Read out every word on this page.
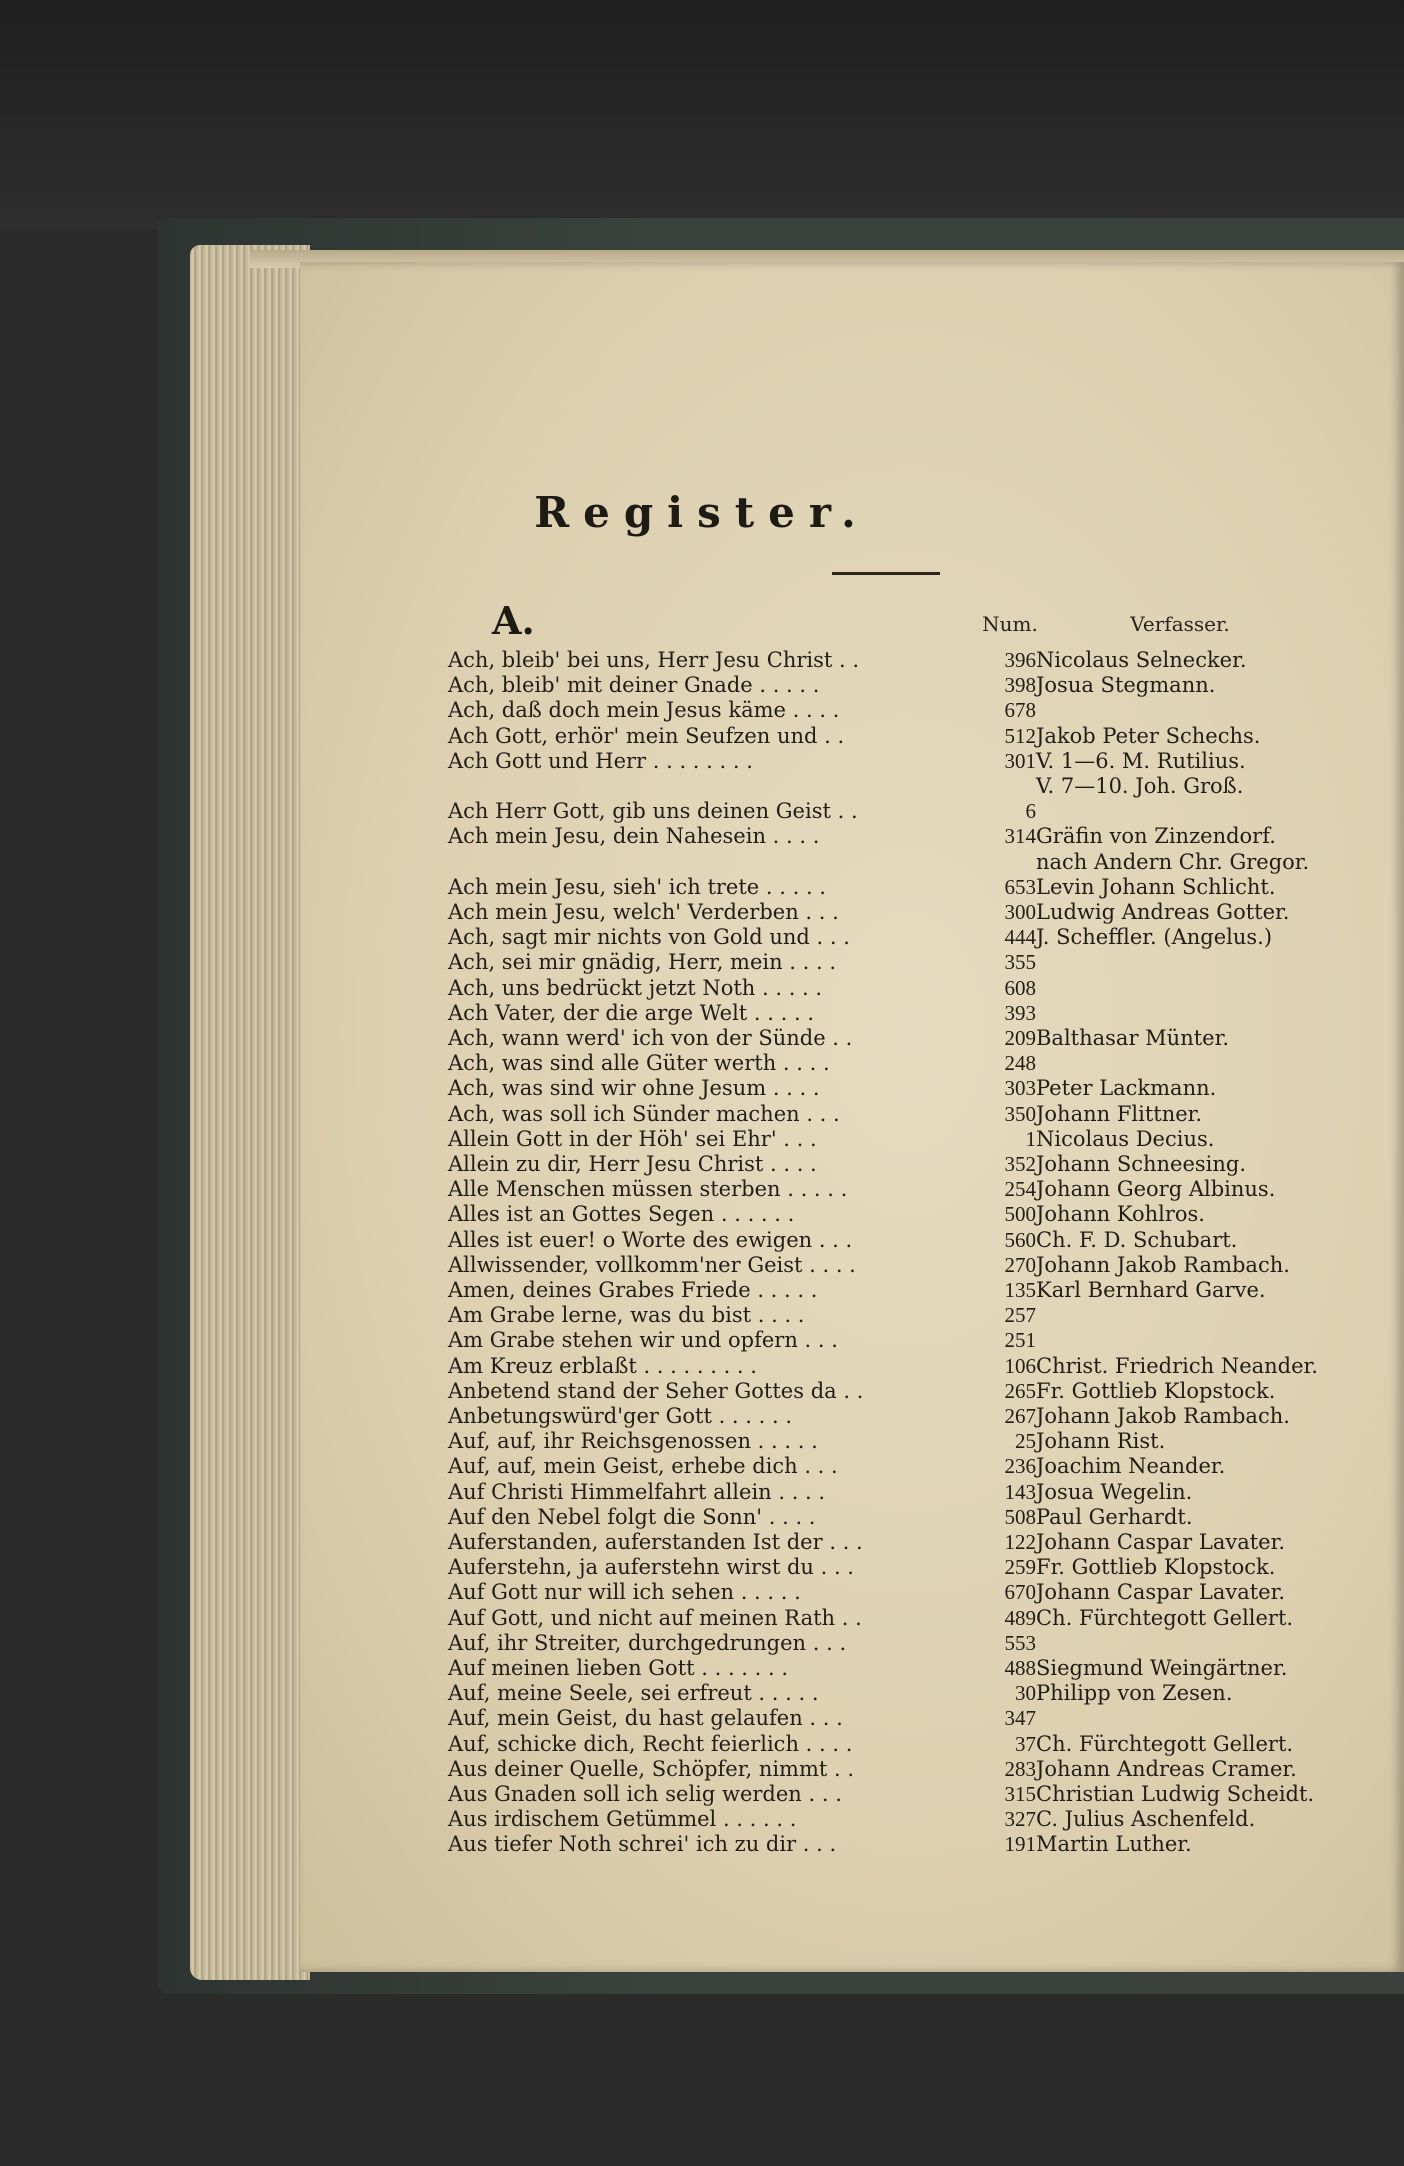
Register.
A.	Num.	Verfasser.
Ach, bleib' bei uns, Herr Jesu Christ . .	396 Nicolaus Selnecker.
Ach, bleib' mit deiner Gnade . . . . .	398 Josua Stegmann.
Ach, daß doch mein Jesus käme . . . .	678
Ach Gott, erhör' mein Seufzen und . .	512 Jakob Peter Schechs.
Ach Gott und Herr . . . . . . . .	301 V. 1—6. M. Rutilius.
V. 7—10. Joh. Groß.
Ach Herr Gott, gib uns deinen Geist . .	6
Ach mein Jesu, dein Nahesein . . . .	314 Gräfin von Zinzendorf.
nach Andern Chr. Gregor.
Ach mein Jesu, sieh' ich trete . . . . .	653 Levin Johann Schlicht.
Ach mein Jesu, welch' Verderben . . .	300 Ludwig Andreas Gotter.
Ach, sagt mir nichts von Gold und . . .	444 J. Scheffler. (Angelus.)
Ach, sei mir gnädig, Herr, mein . . . .	355
Ach, uns bedrückt jetzt Noth . . . . .	608
Ach Vater, der die arge Welt . . . . .	393
Ach, wann werd' ich von der Sünde . .	209 Balthasar Münter.
Ach, was sind alle Güter werth . . . .	248
Ach, was sind wir ohne Jesum . . . .	303 Peter Lackmann.
Ach, was soll ich Sünder machen . . .	350 Johann Flittner.
Allein Gott in der Höh' sei Ehr' . . .	1 Nicolaus Decius.
Allein zu dir, Herr Jesu Christ . . . .	352 Johann Schneesing.
Alle Menschen müssen sterben . . . . .	254 Johann Georg Albinus.
Alles ist an Gottes Segen . . . . . .	500 Johann Kohlros.
Alles ist euer! o Worte des ewigen . . .	560 Ch. F. D. Schubart.
Allwissender, vollkomm'ner Geist . . . .	270 Johann Jakob Rambach.
Amen, deines Grabes Friede . . . . .	135 Karl Bernhard Garve.
Am Grabe lerne, was du bist . . . .	257
Am Grabe stehen wir und opfern . . .	251
Am Kreuz erblaßt . . . . . . . . .	106 Christ. Friedrich Neander.
Anbetend stand der Seher Gottes da . .	265 Fr. Gottlieb Klopstock.
Anbetungswürd'ger Gott . . . . . .	267 Johann Jakob Rambach.
Auf, auf, ihr Reichsgenossen . . . . .	25 Johann Rist.
Auf, auf, mein Geist, erhebe dich . . .	236 Joachim Neander.
Auf Christi Himmelfahrt allein . . . .	143 Josua Wegelin.
Auf den Nebel folgt die Sonn' . . . .	508 Paul Gerhardt.
Auferstanden, auferstanden Ist der . . .	122 Johann Caspar Lavater.
Auferstehn, ja auferstehn wirst du . . .	259 Fr. Gottlieb Klopstock.
Auf Gott nur will ich sehen . . . . .	670 Johann Caspar Lavater.
Auf Gott, und nicht auf meinen Rath . .	489 Ch. Fürchtegott Gellert.
Auf, ihr Streiter, durchgedrungen . . .	553
Auf meinen lieben Gott . . . . . . .	488 Siegmund Weingärtner.
Auf, meine Seele, sei erfreut . . . . .	30 Philipp von Zesen.
Auf, mein Geist, du hast gelaufen . . .	347
Auf, schicke dich, Recht feierlich . . . .	37 Ch. Fürchtegott Gellert.
Aus deiner Quelle, Schöpfer, nimmt . .	283 Johann Andreas Cramer.
Aus Gnaden soll ich selig werden . . .	315 Christian Ludwig Scheidt.
Aus irdischem Getümmel . . . . . .	327 C. Julius Aschenfeld.
Aus tiefer Noth schrei' ich zu dir . . .	191 Martin Luther.
